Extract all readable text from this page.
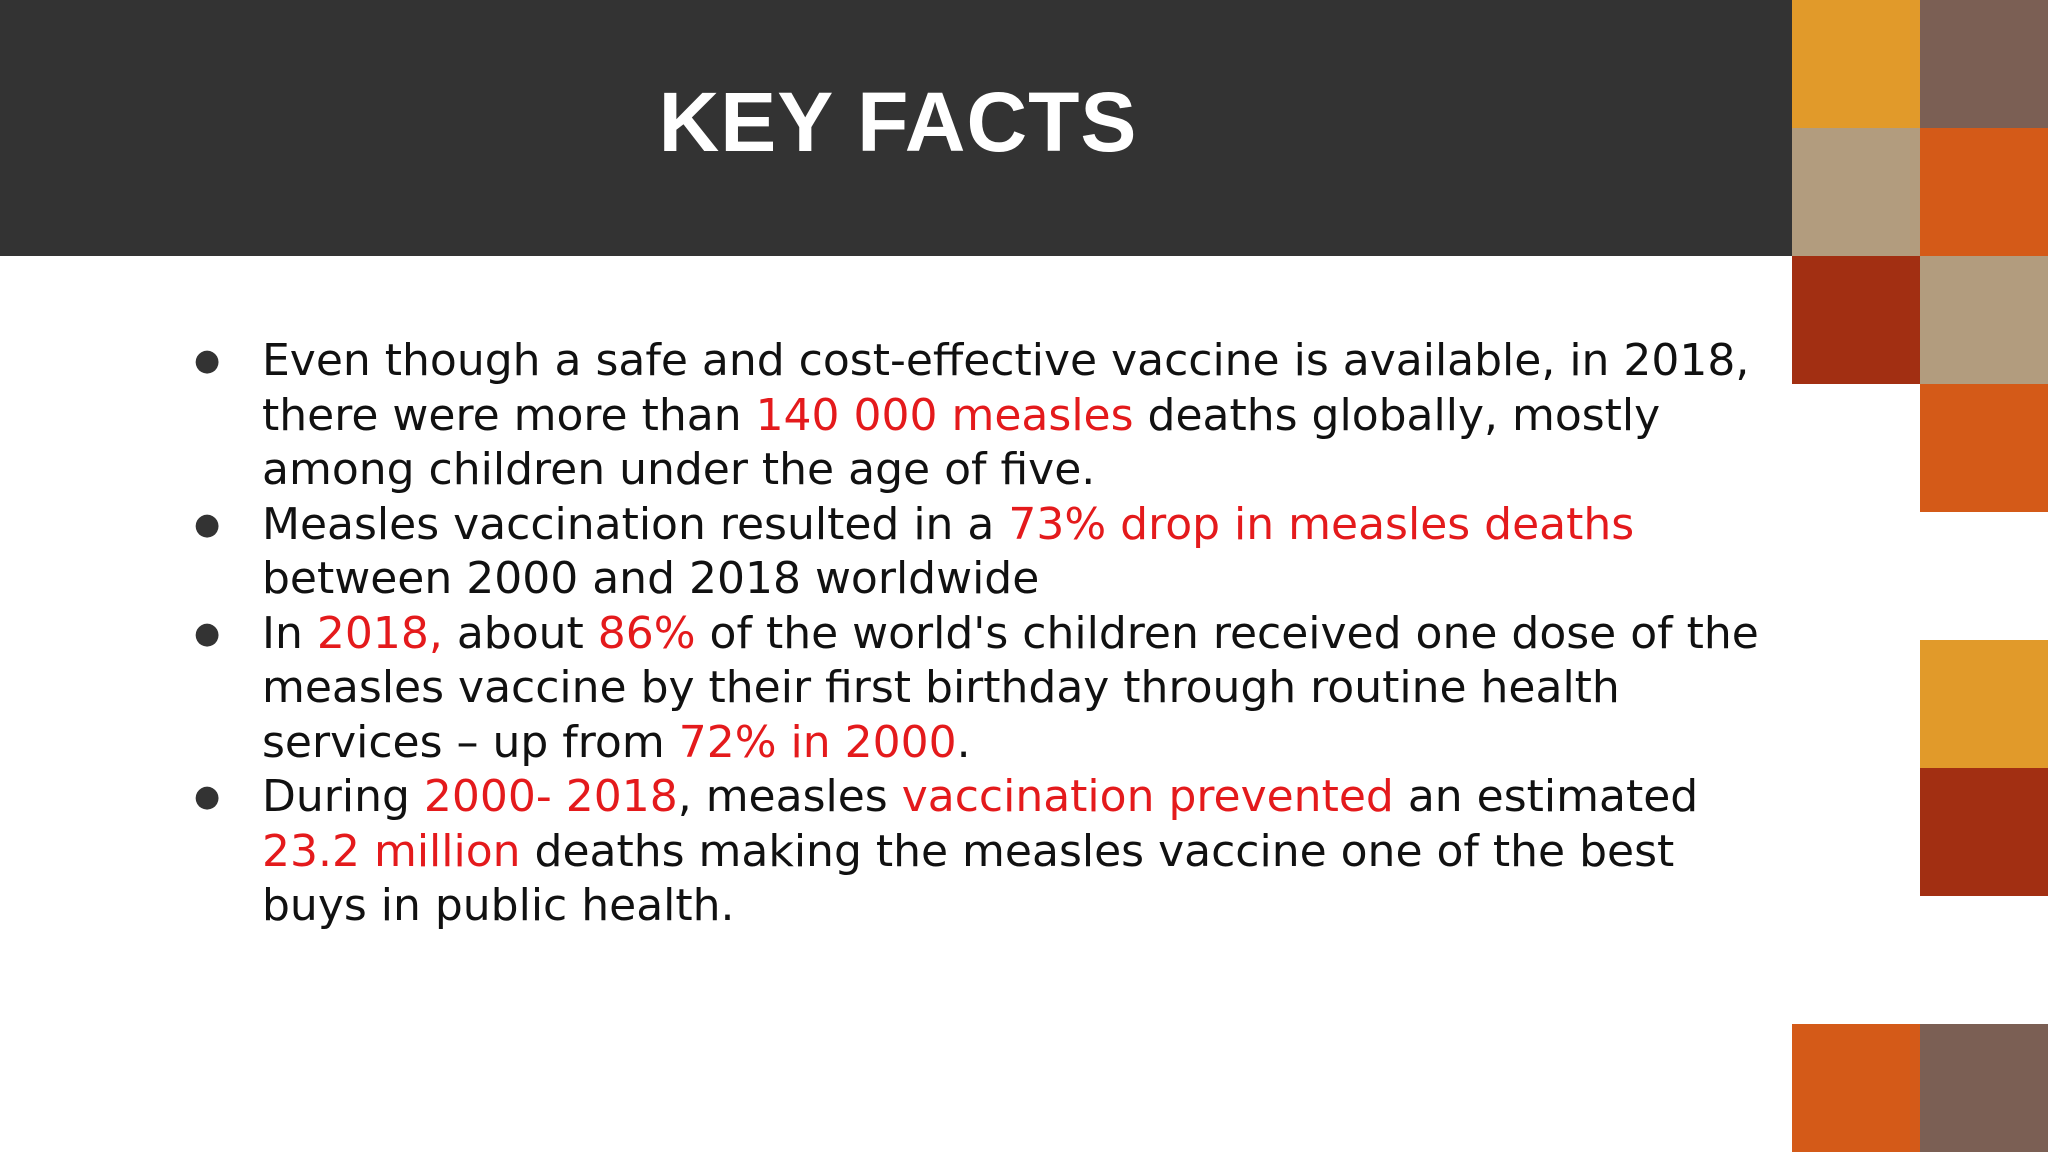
KEY FACTS
● Even though a safe and cost-effective vaccine is available, in 2018, there were more than 140 000 measles deaths globally, mostly among children under the age of five.
● Measles vaccination resulted in a 73% drop in measles deaths between 2000 and 2018 worldwide
● In 2018, about 86% of the world's children received one dose of the measles vaccine by their first birthday through routine health services – up from 72% in 2000.
● During 2000- 2018, measles vaccination prevented an estimated 23.2 million deaths making the measles vaccine one of the best buys in public health.
